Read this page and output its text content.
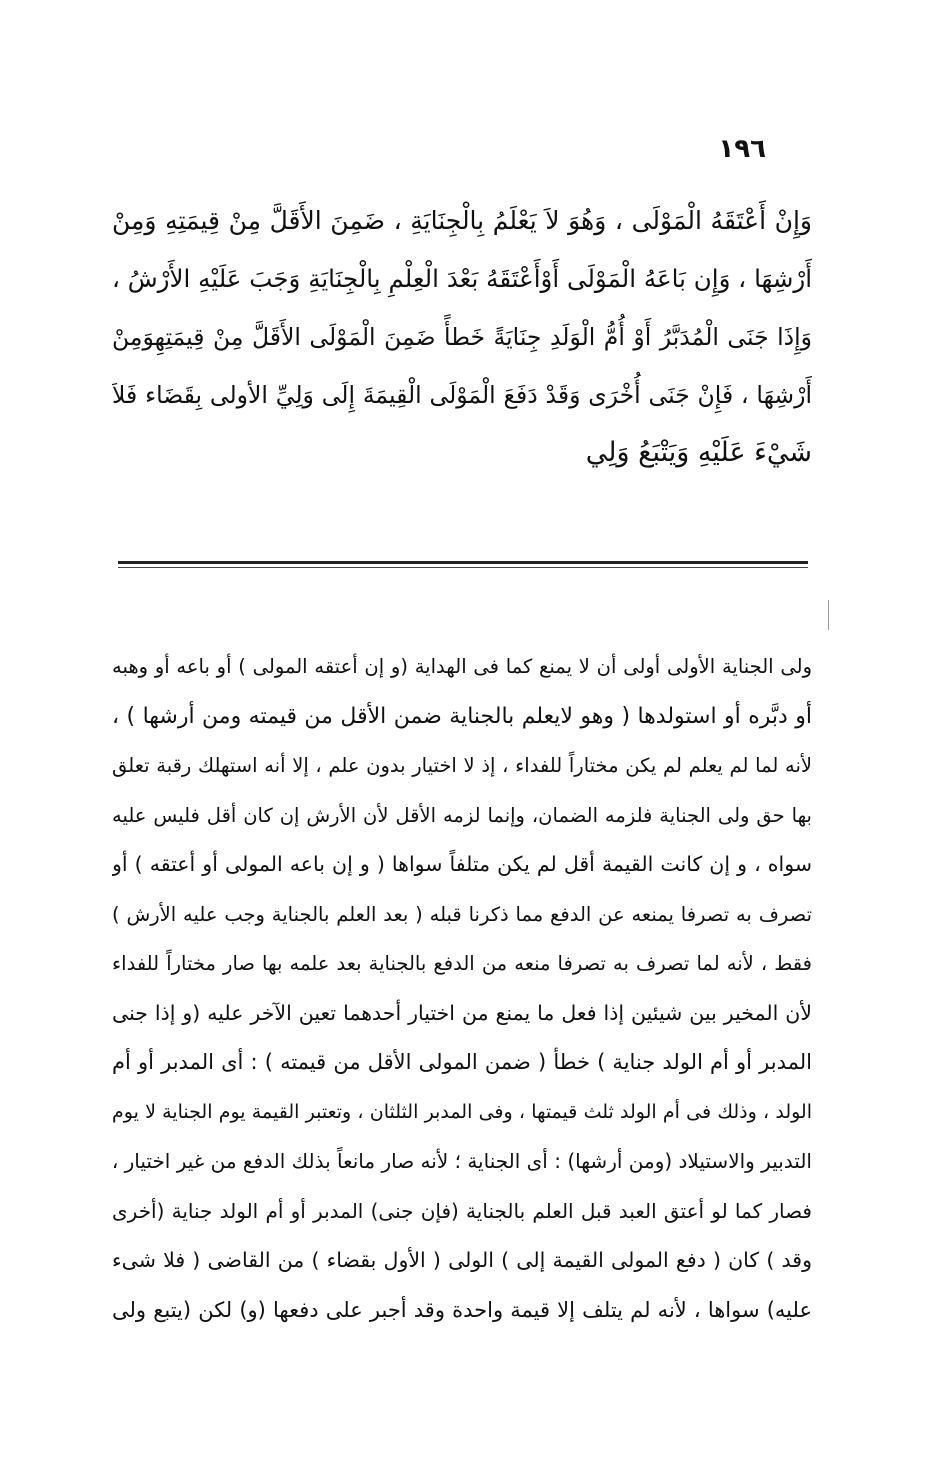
١٩٦
وَإِنْ أَعْتَقَهُ الْمَوْلَى ، وَهُوَ لاَ يَعْلَمُ بِالْجِنَايَةِ ، ضَمِنَ الأَقَلَّ مِنْ قِيمَتِهِ وَمِنْ
أَرْشِهَا ، وَإِن بَاعَهُ الْمَوْلَى أَوْأَعْتَقَهُ بَعْدَ الْعِلْمِ بِالْجِنَايَةِ وَجَبَ عَلَيْهِ الأَرْشُ ،
وَإِذَا جَنَى الْمُدَبَّرُ أَوْ أُمُّ الْوَلَدِ جِنَايَةً خَطأً ضَمِنَ الْمَوْلَى الأَقَلَّ مِنْ قِيمَتِهِوَمِنْ
أَرْشِهَا ، فَإِنْ جَنَى أُخْرَى وَقَدْ دَفَعَ الْمَوْلَى الْقِيمَةَ إِلَى وَلِيِّ الأولى بِقَضَاء فَلاَ
شَيْءَ عَلَيْهِ وَيَتْبَعُ وَلِي
ولى الجناية الأولى أولى أن لا يمنع كما فى الهداية (و إن أعتقه المولى ) أو باعه أو وهبه
أو دبَّره أو استولدها ( وهو لايعلم بالجناية ضمن الأقل من قيمته ومن أرشها ) ،
لأنه لما لم يعلم لم يكن مختاراً للفداء ، إذ لا اختيار بدون علم ، إلا أنه استهلك رقبة تعلق
بها حق ولى الجناية فلزمه الضمان، وإنما لزمه الأقل لأن الأرش إن كان أقل فليس عليه
سواه ، و إن كانت القيمة أقل لم يكن متلفاً سواها ( و إن باعه المولى أو أعتقه ) أو
تصرف به تصرفا يمنعه عن الدفع مما ذكرنا قبله ( بعد العلم بالجناية وجب عليه الأرش )
فقط ، لأنه لما تصرف به تصرفا منعه من الدفع بالجناية بعد علمه بها صار مختاراً للفداء
لأن المخير بين شيئين إذا فعل ما يمنع من اختيار أحدهما تعين الآخر عليه (و إذا جنى
المدبر أو أم الولد جناية ) خطأ ( ضمن المولى الأقل من قيمته ) : أى المدبر أو أم
الولد ، وذلك فى أم الولد ثلث قيمتها ، وفى المدبر الثلثان ، وتعتبر القيمة يوم الجناية لا يوم
التدبير والاستيلاد (ومن أرشها) : أى الجناية ؛ لأنه صار مانعاً بذلك الدفع من غير اختيار ،
فصار كما لو أعتق العبد قبل العلم بالجناية (فإن جنى) المدبر أو أم الولد جناية (أخرى
وقد ) كان ( دفع المولى القيمة إلى ) الولى ( الأول بقضاء ) من القاضى ( فلا شىء
عليه) سواها ، لأنه لم يتلف إلا قيمة واحدة وقد أجبر على دفعها (و) لكن (يتبع ولى
